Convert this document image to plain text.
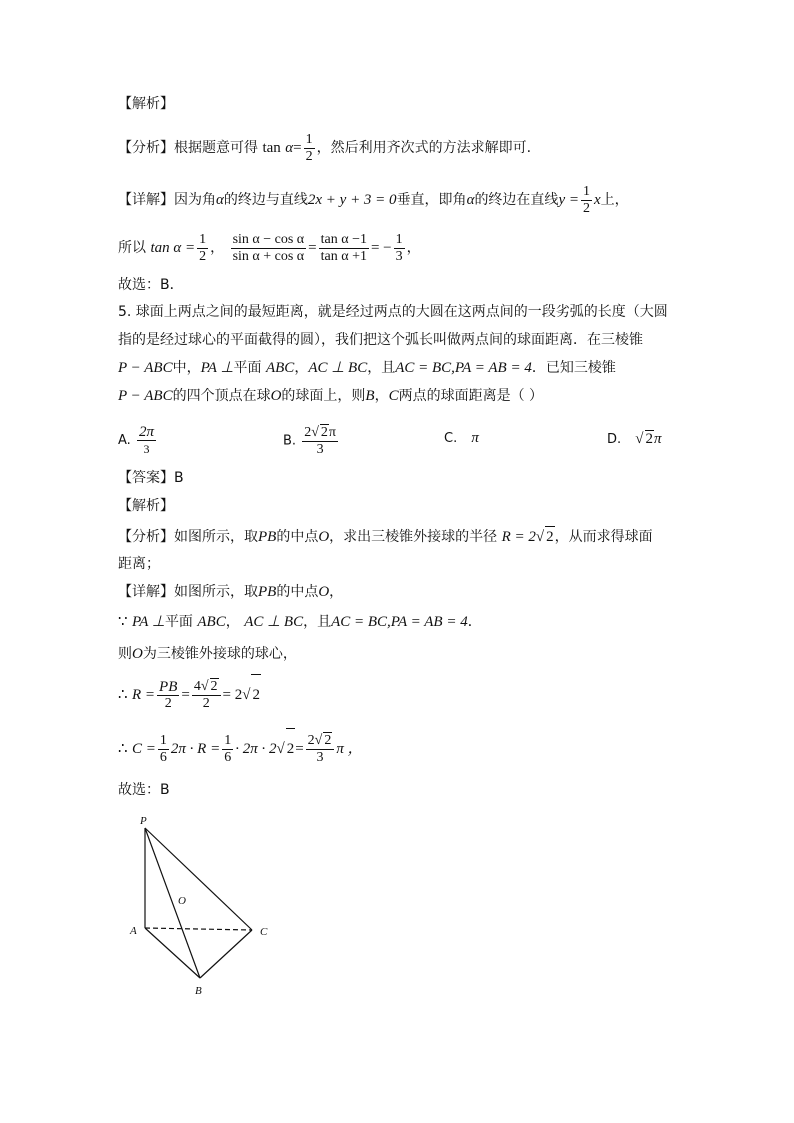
【解析】
【分析】根据题意可得 $\tan \alpha= \frac{1}{2}$ ，然后利用齐次式的方法求解即可.
【详解】因为角α的终边与直线2x + y + 3 = 0垂直，即角α的终边在直线$y = \frac{1}{2}$ x上，
所以 $\tan \alpha = \frac{1}{2}$ ， $\frac{\text{sin α − cos α}}{\text{sin α + cos α}} = \frac{\text{tan α −1}}{\text{tan α +1}}$ = − $\frac{1}{3}$ ，
故选：B．
5. 球面上两点之间的最短距离，就是经过两点的大圆在这两点间的一段劣弧的长度（大圆
指的是经过球心的平面截得的圆），我们把这个弧长叫做两点间的球面距离．在三棱锥
P − ABC中，PA ⊥平面 ABC，AC ⊥ BC，且AC = BC,PA = AB = 4．已知三棱锥
P − ABC的四个顶点在球O的球面上，则B，C两点的球面距离是（ ）
A. $\frac{2\pi}{3}$	B. $\frac{2√ 2\pi}{3}$	C. π	D. √ 2π
【答案】B
【解析】
【分析】如图所示，取PB的中点O，求出三棱锥外接球的半径 R = 2√ 2，从而求得球面
距离；
【详解】如图所示，取PB的中点O，
∵ PA ⊥平面 ABC， AC ⊥ BC，且AC = BC,PA = AB = 4．
则O为三棱锥外接球的球心，
∴ $R = \frac{PB}{2} = \frac{4√ 2}{2} = 2√$ 2
∴ $C = \frac{1}{6} 2\pi \cdot R = \frac{1}{6} \cdot 2\pi \cdot 2√$ $2= \frac{2√ 2}{3}$ π ，
故选：B
P
O
A	C
B
